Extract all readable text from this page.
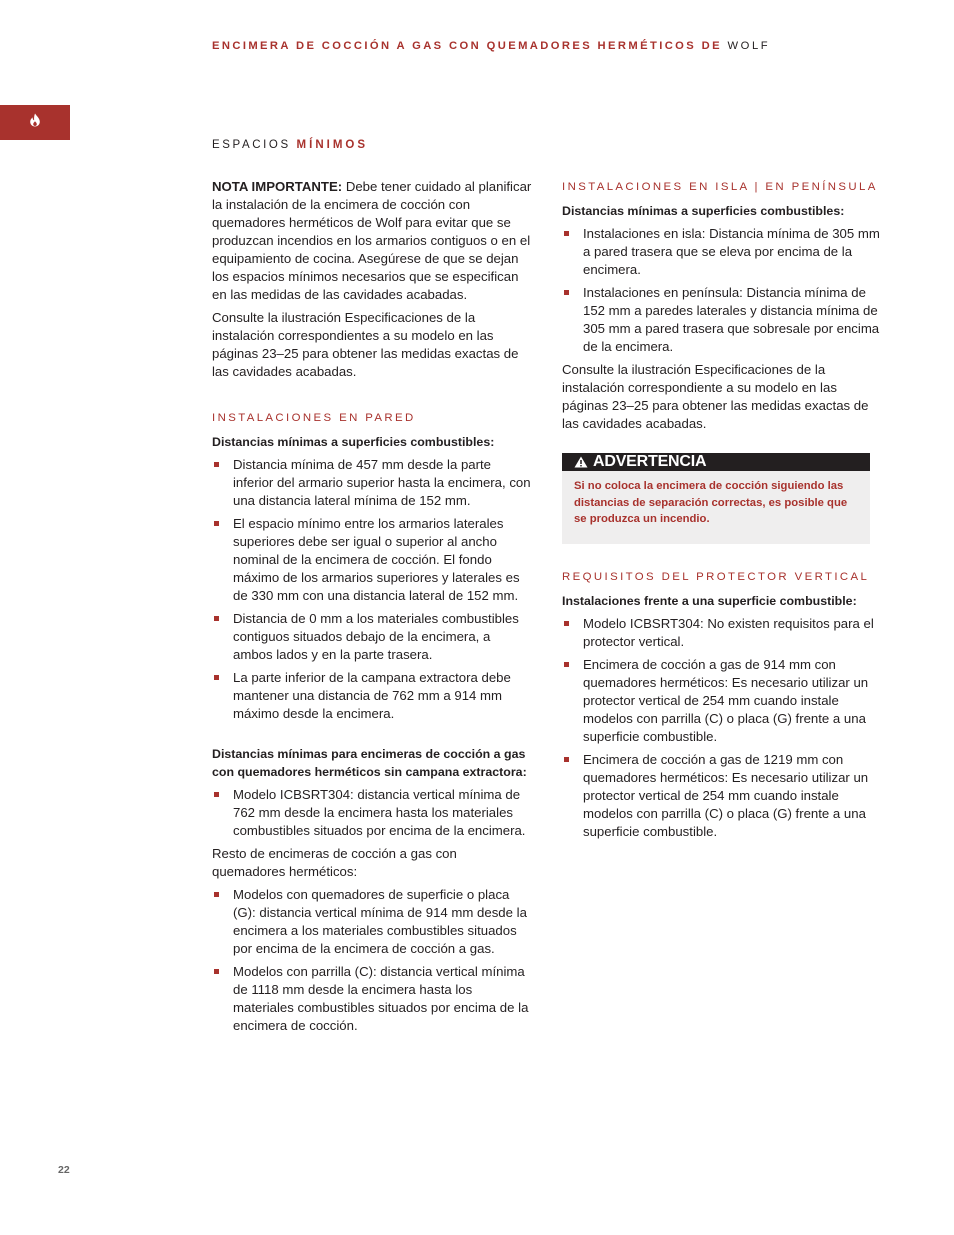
ENCIMERA DE COCCIÓN A GAS CON QUEMADORES HERMÉTICOS DE WOLF
ESPACIOS MÍNIMOS

NOTA IMPORTANTE: Debe tener cuidado al planificar la instalación de la encimera de cocción con quemadores herméticos de Wolf para evitar que se produzcan incendios en los armarios contiguos o en el equipamiento de cocina. Asegúrese de que se dejan los espacios mínimos necesarios que se especifican en las medidas de las cavidades acabadas.

Consulte la ilustración Especificaciones de la instalación correspondientes a su modelo en las páginas 23–25 para obtener las medidas exactas de las cavidades acabadas.

INSTALACIONES EN PARED

Distancias mínimas a superficies combustibles:

Distancia mínima de 457 mm desde la parte inferior del armario superior hasta la encimera, con una distancia lateral mínima de 152 mm.
El espacio mínimo entre los armarios laterales superiores debe ser igual o superior al ancho nominal de la encimera de cocción. El fondo máximo de los armarios superiores y laterales es de 330 mm con una distancia lateral de 152 mm.
Distancia de 0 mm a los materiales combustibles contiguos situados debajo de la encimera, a ambos lados y en la parte trasera.
La parte inferior de la campana extractora debe mantener una distancia de 762 mm a 914 mm máximo desde la encimera.

Distancias mínimas para encimeras de cocción a gas con quemadores herméticos sin campana extractora:

Modelo ICBSRT304: distancia vertical mínima de 762 mm desde la encimera hasta los materiales combustibles situados por encima de la encimera.

Resto de encimeras de cocción a gas con quemadores herméticos:

Modelos con quemadores de superficie o placa (G): distancia vertical mínima de 914 mm desde la encimera a los materiales combustibles situados por encima de la encimera de cocción a gas.
Modelos con parrilla (C): distancia vertical mínima de 1118 mm desde la encimera hasta los materiales combustibles situados por encima de la encimera de cocción.
INSTALACIONES EN ISLA | EN PENÍNSULA

Distancias mínimas a superficies combustibles:

Instalaciones en isla: Distancia mínima de 305 mm a pared trasera que se eleva por encima de la encimera.
Instalaciones en península: Distancia mínima de 152 mm a paredes laterales y distancia mínima de 305 mm a pared trasera que sobresale por encima de la encimera.

Consulte la ilustración Especificaciones de la instalación correspondiente a su modelo en las páginas 23–25 para obtener las medidas exactas de las cavidades acabadas.

ADVERTENCIA
Si no coloca la encimera de cocción siguiendo las distancias de separación correctas, es posible que se produzca un incendio.
REQUISITOS DEL PROTECTOR VERTICAL

Instalaciones frente a una superficie combustible:

Modelo ICBSRT304: No existen requisitos para el protector vertical.
Encimera de cocción a gas de 914 mm con quemadores herméticos: Es necesario utilizar un protector vertical de 254 mm cuando instale modelos con parrilla (C) o placa (G) frente a una superficie combustible.
Encimera de cocción a gas de 1219 mm con quemadores herméticos: Es necesario utilizar un protector vertical de 254 mm cuando instale modelos con parrilla (C) o placa (G) frente a una superficie combustible.
22
